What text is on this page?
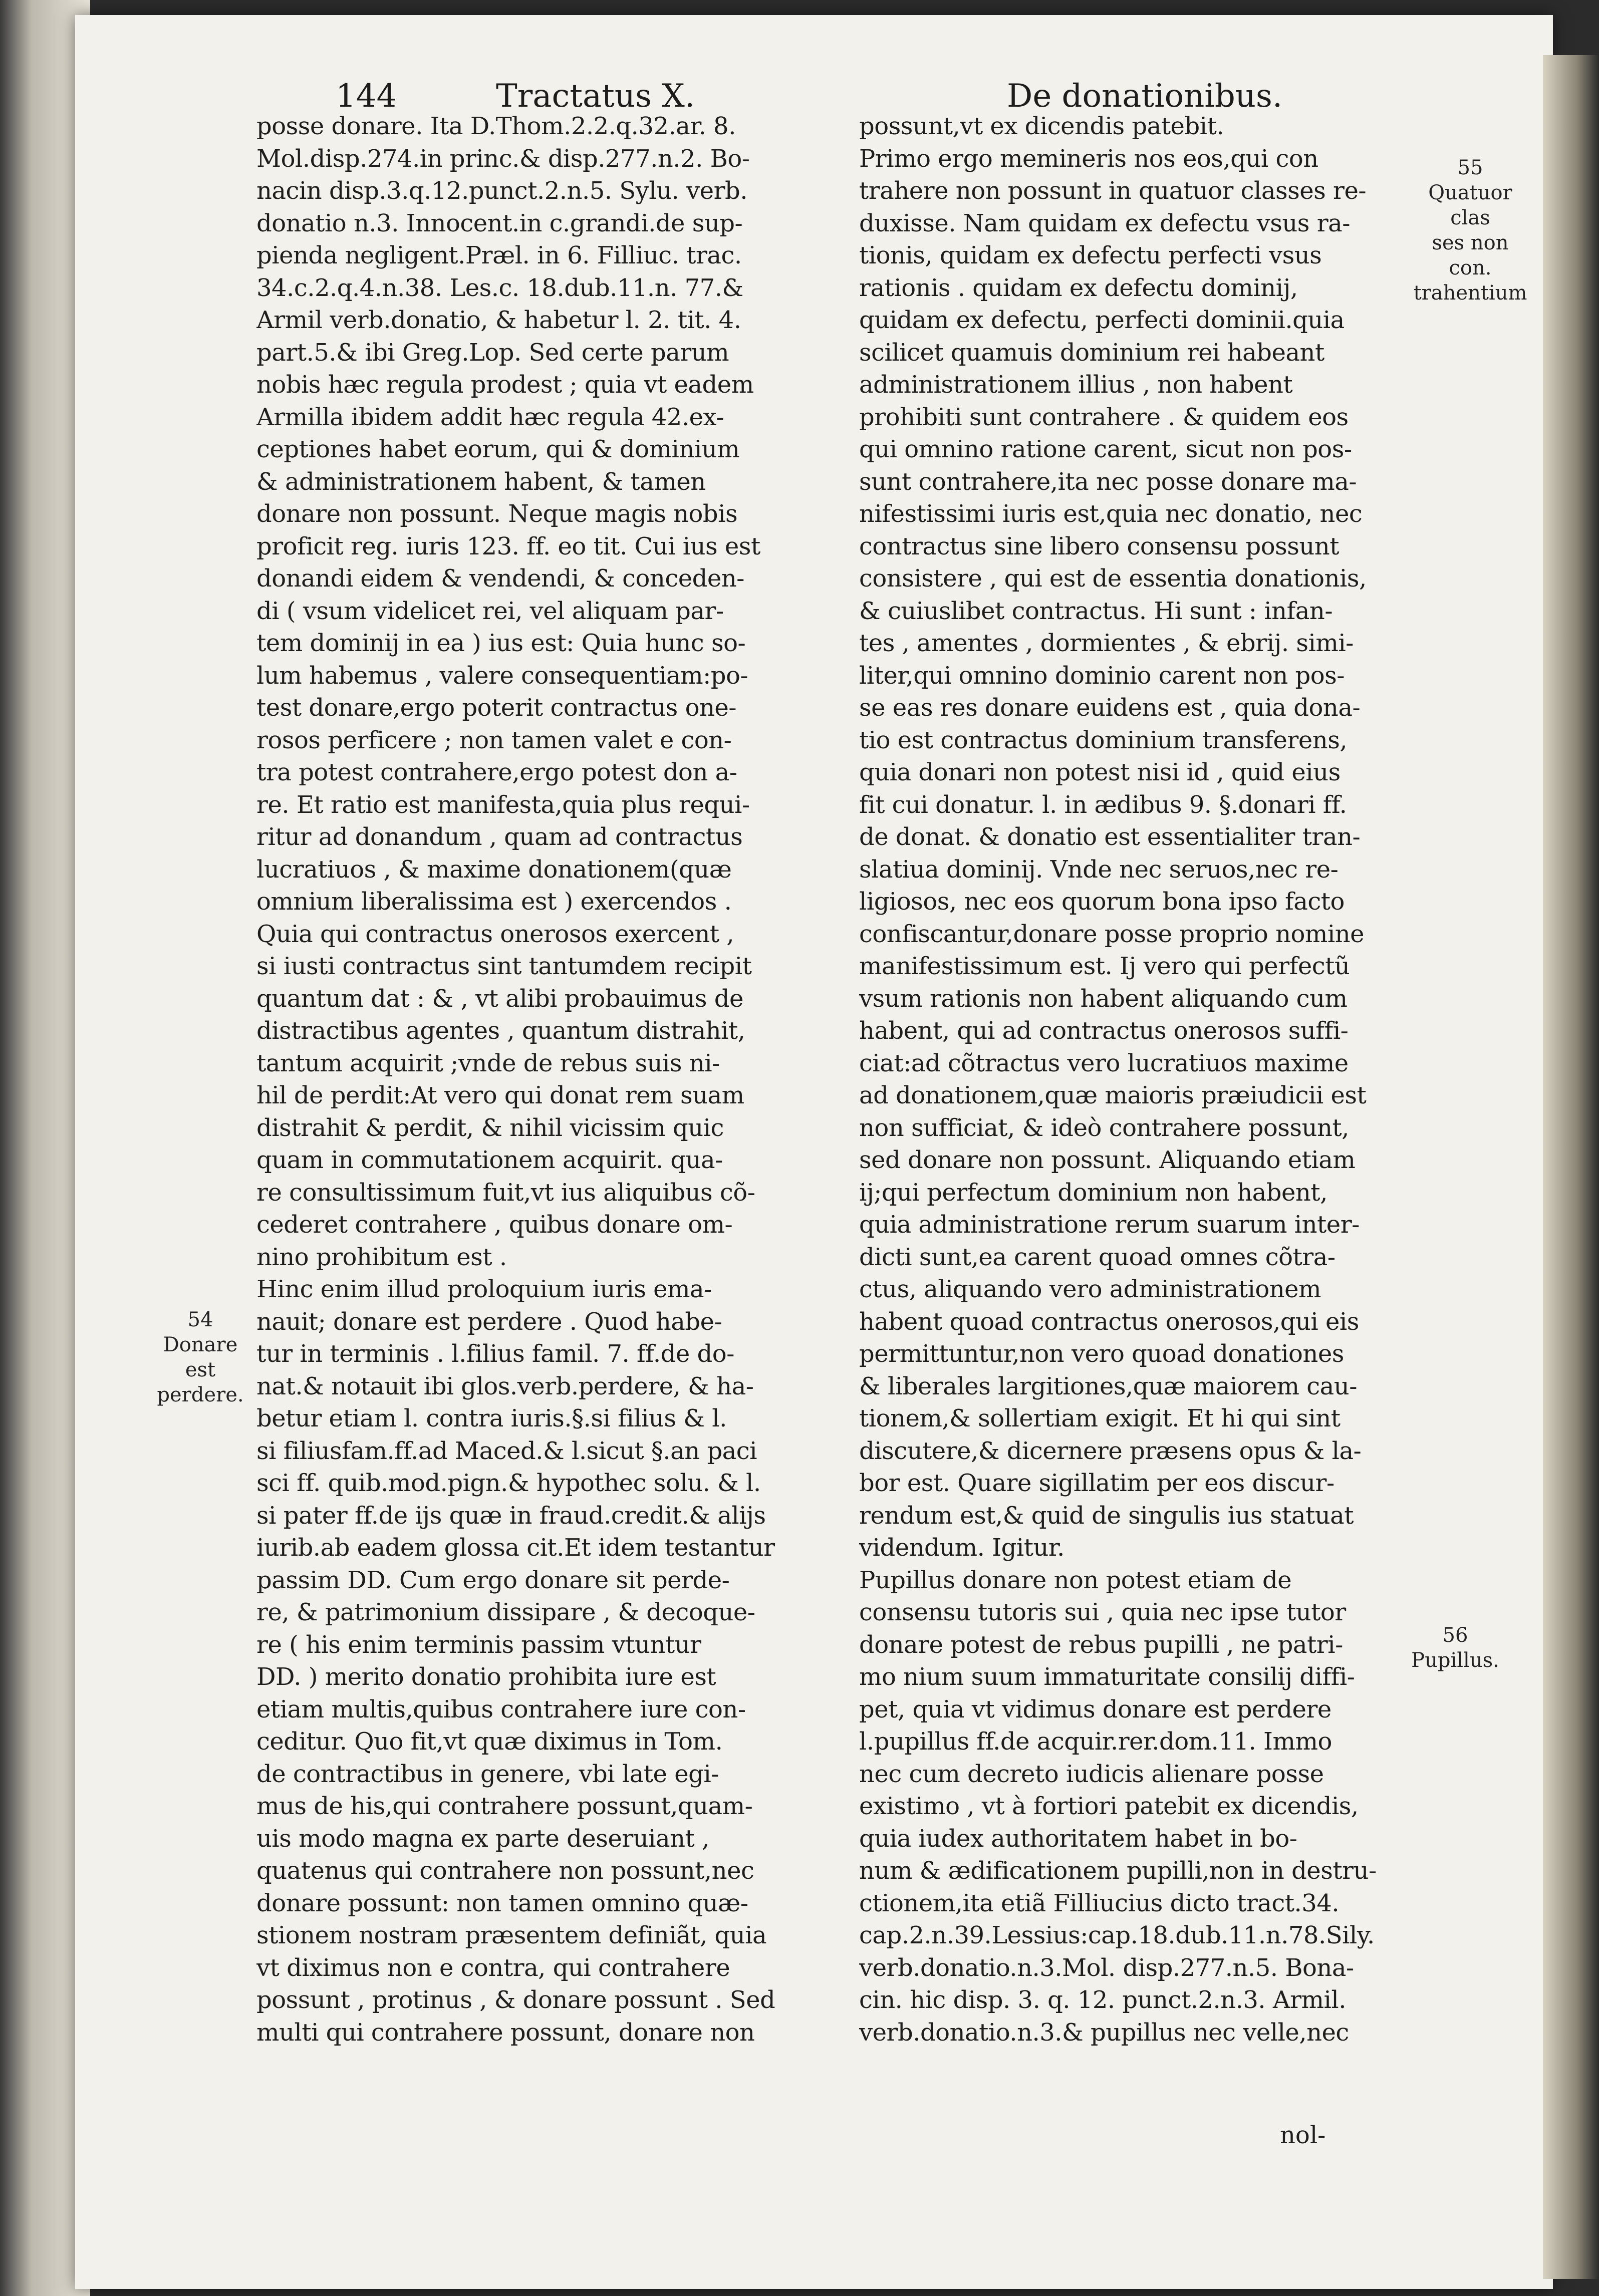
144	Tractatus X.	De donationibus.
posse donare. Ita D.Thom.2.2.q.32.ar. 8.
Mol.disp.274.in princ.& disp.277.n.2. Bo-
nacin disp.3.q.12.punct.2.n.5. Sylu. verb.
donatio n.3. Innocent.in c.grandi.de sup-
pienda negligent.Præl. in 6. Filliuc. trac.
34.c.2.q.4.n.38. Les.c. 18.dub.11.n. 77.&
Armil verb.donatio, & habetur l. 2. tit. 4.
part.5.& ibi Greg.Lop. Sed certe parum
nobis hæc regula prodest ; quia vt eadem
Armilla ibidem addit hæc regula 42.ex-
ceptiones habet eorum, qui & dominium
& administrationem habent, & tamen
donare non possunt. Neque magis nobis
proficit reg. iuris 123. ff. eo tit. Cui ius est
donandi eidem & vendendi, & conceden-
di ( vsum videlicet rei, vel aliquam par-
tem dominij in ea ) ius est: Quia hunc so-
lum habemus , valere consequentiam:po-
test donare,ergo poterit contractus one-
rosos perficere ; non tamen valet e con-
tra potest contrahere,ergo potest don a-
re. Et ratio est manifesta,quia plus requi-
ritur ad donandum , quam ad contractus
lucratiuos , & maxime donationem(quæ
omnium liberalissima est ) exercendos .
Quia qui contractus onerosos exercent ,
si iusti contractus sint tantumdem recipit
quantum dat : & , vt alibi probauimus de
distractibus agentes , quantum distrahit,
tantum acquirit ;vnde de rebus suis ni-
hil de perdit:At vero qui donat rem suam
distrahit & perdit, & nihil vicissim quic
quam in commutationem acquirit. qua-
re consultissimum fuit,vt ius aliquibus cõ-
cederet contrahere , quibus donare om-
nino prohibitum est .
Hinc enim illud proloquium iuris ema-
nauit; donare est perdere . Quod habe-
tur in terminis . l.filius famil. 7. ff.de do-
nat.& notauit ibi glos.verb.perdere, & ha-
betur etiam l. contra iuris.§.si filius & l.
si filiusfam.ff.ad Maced.& l.sicut §.an paci
sci ff. quib.mod.pign.& hypothec solu. & l.
si pater ff.de ijs quæ in fraud.credit.& alijs
iurib.ab eadem glossa cit.Et idem testantur
passim DD. Cum ergo donare sit perde-
re, & patrimonium dissipare , & decoque-
re ( his enim terminis passim vtuntur
DD. ) merito donatio prohibita iure est
etiam multis,quibus contrahere iure con-
ceditur. Quo fit,vt quæ diximus in Tom.
de contractibus in genere, vbi late egi-
mus de his,qui contrahere possunt,quam-
uis modo magna ex parte deseruiant ,
quatenus qui contrahere non possunt,nec
donare possunt: non tamen omnino quæ-
stionem nostram præsentem definiãt, quia
vt diximus non e contra, qui contrahere
possunt , protinus , & donare possunt . Sed
multi qui contrahere possunt, donare non
possunt,vt ex dicendis patebit.
Primo ergo memineris nos eos,qui con
trahere non possunt in quatuor classes re-
duxisse. Nam quidam ex defectu vsus ra-
tionis, quidam ex defectu perfecti vsus
rationis . quidam ex defectu dominij,
quidam ex defectu, perfecti dominii.quia
scilicet quamuis dominium rei habeant
administrationem illius , non habent
prohibiti sunt contrahere . & quidem eos
qui omnino ratione carent, sicut non pos-
sunt contrahere,ita nec posse donare ma-
nifestissimi iuris est,quia nec donatio, nec
contractus sine libero consensu possunt
consistere , qui est de essentia donationis,
& cuiuslibet contractus. Hi sunt : infan-
tes , amentes , dormientes , & ebrij. simi-
liter,qui omnino dominio carent non pos-
se eas res donare euidens est , quia dona-
tio est contractus dominium transferens,
quia donari non potest nisi id , quid eius
fit cui donatur. l. in ædibus 9. §.donari ff.
de donat. & donatio est essentialiter tran-
slatiua dominij. Vnde nec seruos,nec re-
ligiosos, nec eos quorum bona ipso facto
confiscantur,donare posse proprio nomine
manifestissimum est. Ij vero qui perfectũ
vsum rationis non habent aliquando cum
habent, qui ad contractus onerosos suffi-
ciat:ad cõtractus vero lucratiuos maxime
ad donationem,quæ maioris præiudicii est
non sufficiat, & ideò contrahere possunt,
sed donare non possunt. Aliquando etiam
ij;qui perfectum dominium non habent,
quia administratione rerum suarum inter-
dicti sunt,ea carent quoad omnes cõtra-
ctus, aliquando vero administrationem
habent quoad contractus onerosos,qui eis
permittuntur,non vero quoad donationes
& liberales largitiones,quæ maiorem cau-
tionem,& sollertiam exigit. Et hi qui sint
discutere,& dicernere præsens opus & la-
bor est. Quare sigillatim per eos discur-
rendum est,& quid de singulis ius statuat
videndum. Igitur.
Pupillus donare non potest etiam de
consensu tutoris sui , quia nec ipse tutor
donare potest de rebus pupilli , ne patri-
mo nium suum immaturitate consilij diffi-
pet, quia vt vidimus donare est perdere
l.pupillus ff.de acquir.rer.dom.11. Immo
nec cum decreto iudicis alienare posse
existimo , vt à fortiori patebit ex dicendis,
quia iudex authoritatem habet in bo-
num & ædificationem pupilli,non in destru-
ctionem,ita etiã Filliucius dicto tract.34.
cap.2.n.39.Lessius:cap.18.dub.11.n.78.Sily.
verb.donatio.n.3.Mol. disp.277.n.5. Bona-
cin. hic disp. 3. q. 12. punct.2.n.3. Armil.
verb.donatio.n.3.& pupillus nec velle,nec
nol-
54
Donare est
perdere.
55
Quatuor clas
ses non con.
trahentium
56
Pupillus.
